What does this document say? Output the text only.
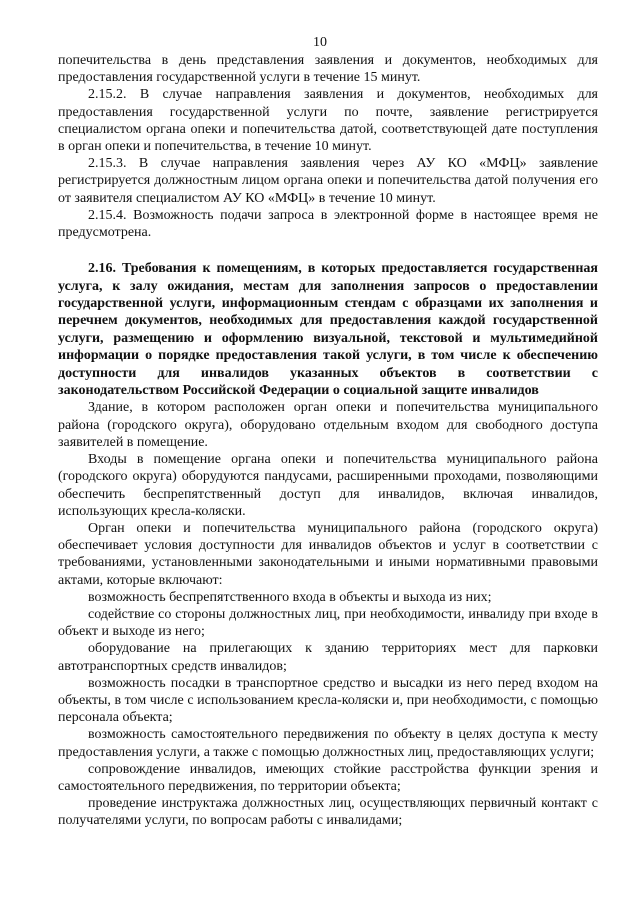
10

попечительства в день представления заявления и документов, необходимых для предоставления государственной услуги в течение 15 минут.

2.15.2. В случае направления заявления и документов, необходимых для предоставления государственной услуги по почте, заявление регистрируется специалистом органа опеки и попечительства датой, соответствующей дате поступления в орган опеки и попечительства, в течение 10 минут.

2.15.3. В случае направления заявления через АУ КО «МФЦ» заявление регистрируется должностным лицом органа опеки и попечительства датой получения его от заявителя специалистом АУ КО «МФЦ» в течение 10 минут.

2.15.4. Возможность подачи запроса в электронной форме в настоящее время не предусмотрена.

2.16. Требования к помещениям, в которых предоставляется государственная услуга, к залу ожидания, местам для заполнения запросов о предоставлении государственной услуги, информационным стендам с образцами их заполнения и перечнем документов, необходимых для предоставления каждой государственной услуги, размещению и оформлению визуальной, текстовой и мультимедийной информации о порядке предоставления такой услуги, в том числе к обеспечению доступности для инвалидов указанных объектов в соответствии с законодательством Российской Федерации о социальной защите инвалидов

Здание, в котором расположен орган опеки и попечительства муниципального района (городского округа), оборудовано отдельным входом для свободного доступа заявителей в помещение.

Входы в помещение органа опеки и попечительства муниципального района (городского округа) оборудуются пандусами, расширенными проходами, позволяющими обеспечить беспрепятственный доступ для инвалидов, включая инвалидов, использующих кресла-коляски.

Орган опеки и попечительства муниципального района (городского округа) обеспечивает условия доступности для инвалидов объектов и услуг в соответствии с требованиями, установленными законодательными и иными нормативными правовыми актами, которые включают:

возможность беспрепятственного входа в объекты и выхода из них;

содействие со стороны должностных лиц, при необходимости, инвалиду при входе в объект и выходе из него;

оборудование на прилегающих к зданию территориях мест для парковки автотранспортных средств инвалидов;

возможность посадки в транспортное средство и высадки из него перед входом на объекты, в том числе с использованием кресла-коляски и, при необходимости, с помощью персонала объекта;

возможность самостоятельного передвижения по объекту в целях доступа к месту предоставления услуги, а также с помощью должностных лиц, предоставляющих услуги;

сопровождение инвалидов, имеющих стойкие расстройства функции зрения и самостоятельного передвижения, по территории объекта;

проведение инструктажа должностных лиц, осуществляющих первичный контакт с получателями услуги, по вопросам работы с инвалидами;
